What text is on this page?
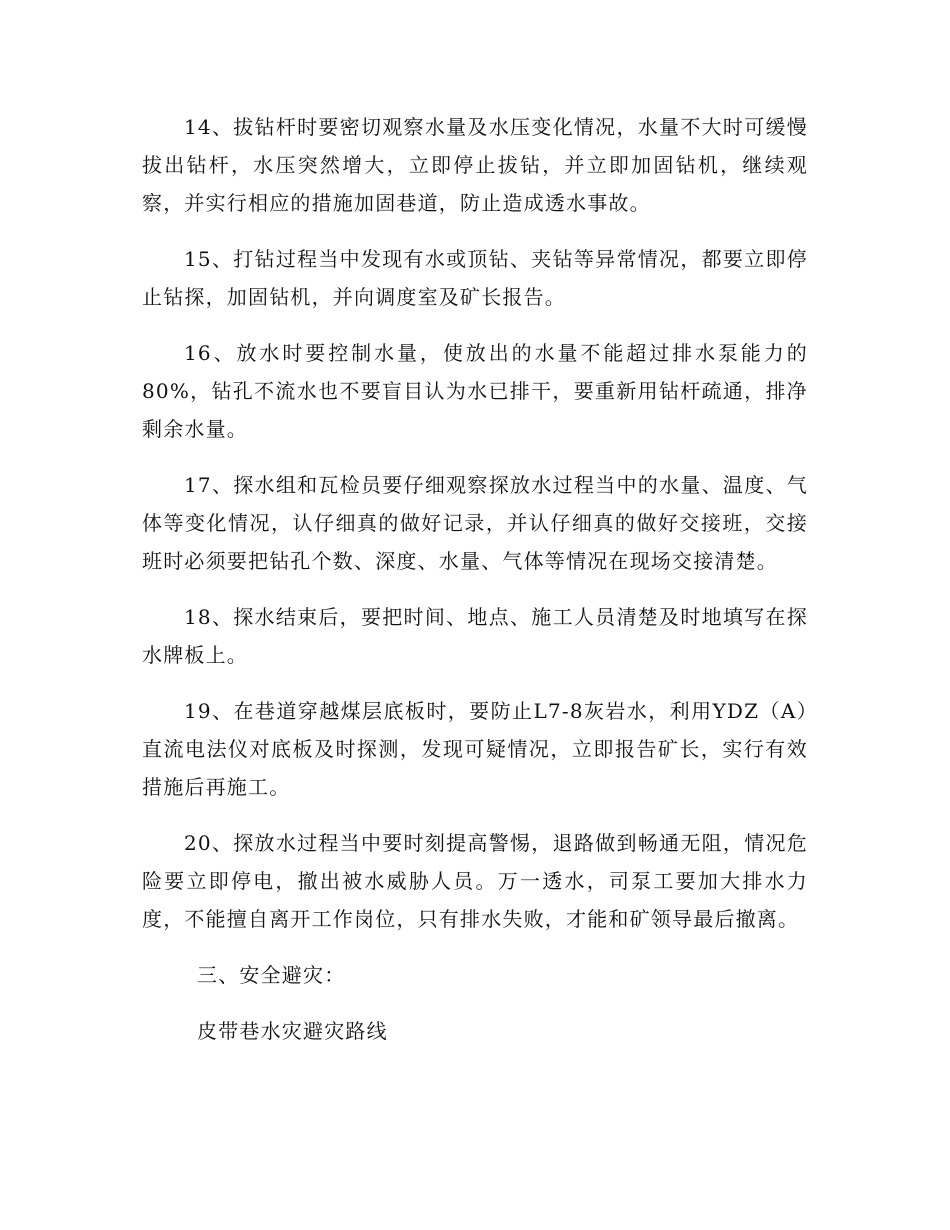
14、拔钻杆时要密切观察水量及水压变化情况，水量不大时可缓慢拔出钻杆，水压突然增大，立即停止拔钻，并立即加固钻机，继续观察，并实行相应的措施加固巷道，防止造成透水事故。

15、打钻过程当中发现有水或顶钻、夹钻等异常情况，都要立即停止钻探，加固钻机，并向调度室及矿长报告。

16、放水时要控制水量，使放出的水量不能超过排水泵能力的80%，钻孔不流水也不要盲目认为水已排干，要重新用钻杆疏通，排净剩余水量。

17、探水组和瓦检员要仔细观察探放水过程当中的水量、温度、气体等变化情况，认仔细真的做好记录，并认仔细真的做好交接班，交接班时必须要把钻孔个数、深度、水量、气体等情况在现场交接清楚。

18、探水结束后，要把时间、地点、施工人员清楚及时地填写在探水牌板上。

19、在巷道穿越煤层底板时，要防止L7-8灰岩水，利用YDZ（A）直流电法仪对底板及时探测，发现可疑情况，立即报告矿长，实行有效措施后再施工。

20、探放水过程当中要时刻提高警惕，退路做到畅通无阻，情况危险要立即停电，撤出被水威胁人员。万一透水，司泵工要加大排水力度，不能擅自离开工作岗位，只有排水失败，才能和矿领导最后撤离。

三、安全避灾：

皮带巷水灾避灾路线
